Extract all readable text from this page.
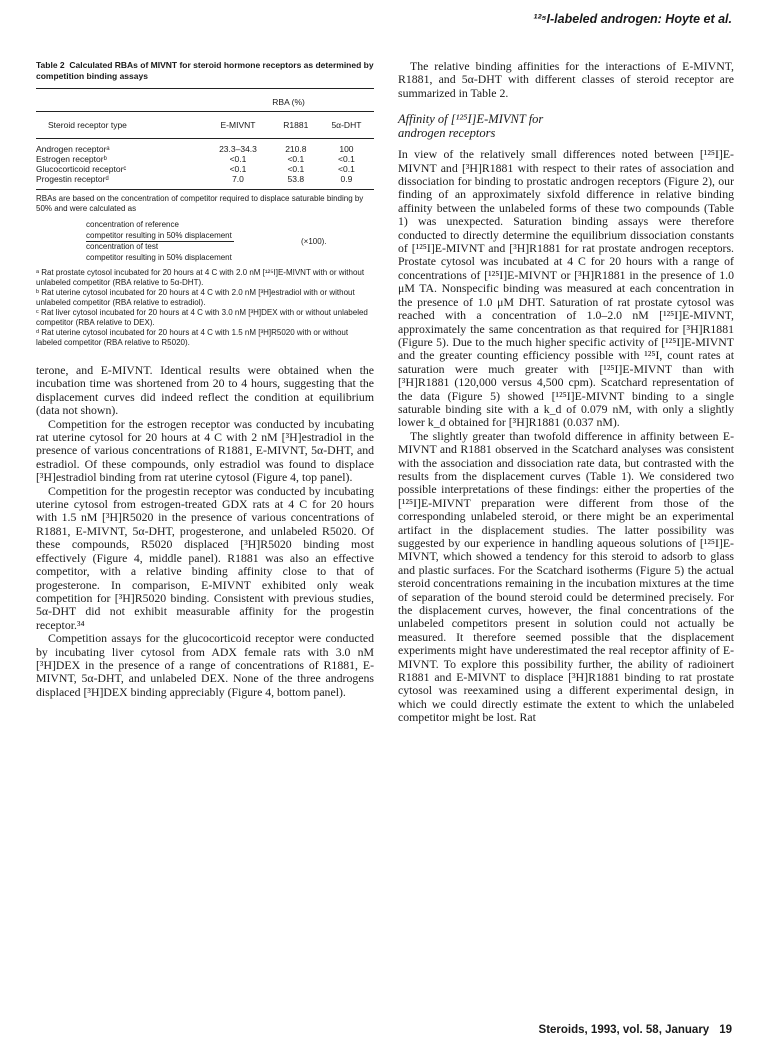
¹²⁵I-labeled androgen: Hoyte et al.
Table 2 Calculated RBAs of MIVNT for steroid hormone receptors as determined by competition binding assays
	RBA (%)		
Steroid receptor type	E-MIVNT	R1881	5α-DHT
Androgen receptorᵃ	23.3–34.3	210.8	100
Estrogen receptorᵇ	<0.1	<0.1	<0.1
Glucocorticoid receptorᶜ	<0.1	<0.1	<0.1
Progestin receptorᵈ	7.0	53.8	0.9

RBAs are based on the concentration of competitor required to displace saturable binding by 50% and were calculated as

concentration of reference
competitor resulting in 50% displacement
concentration of test
competitor resulting in 50% displacement
(×100).

ᵃ Rat prostate cytosol incubated for 20 hours at 4 C with 2.0 nM [¹²⁵I]E-MIVNT with or without unlabeled competitor (RBA relative to 5α-DHT).

ᵇ Rat uterine cytosol incubated for 20 hours at 4 C with 2.0 nM [³H]estradiol with or without unlabeled competitor (RBA relative to estradiol).

ᶜ Rat liver cytosol incubated for 20 hours at 4 C with 3.0 nM [³H]DEX with or without unlabeled competitor (RBA relative to DEX).

ᵈ Rat uterine cytosol incubated for 20 hours at 4 C with 1.5 nM [³H]R5020 with or without labeled competitor (RBA relative to R5020).

terone, and E-MIVNT. Identical results were obtained when the incubation time was shortened from 20 to 4 hours, suggesting that the displacement curves did indeed reflect the condition at equilibrium (data not shown).

Competition for the estrogen receptor was conducted by incubating rat uterine cytosol for 20 hours at 4 C with 2 nM [³H]estradiol in the presence of various concentrations of R1881, E-MIVNT, 5α-DHT, and estradiol. Of these compounds, only estradiol was found to displace [³H]estradiol binding from rat uterine cytosol (Figure 4, top panel).

Competition for the progestin receptor was conducted by incubating uterine cytosol from estrogen-treated GDX rats at 4 C for 20 hours with 1.5 nM [³H]R5020 in the presence of various concentrations of R1881, E-MIVNT, 5α-DHT, progesterone, and unlabeled R5020. Of these compounds, R5020 displaced [³H]R5020 binding most effectively (Figure 4, middle panel). R1881 was also an effective competitor, with a relative binding affinity close to that of progesterone. In comparison, E-MIVNT exhibited only weak competition for [³H]R5020 binding. Consistent with previous studies, 5α-DHT did not exhibit measurable affinity for the progestin receptor.³⁴

Competition assays for the glucocorticoid receptor were conducted by incubating liver cytosol from ADX female rats with 3.0 nM [³H]DEX in the presence of a range of concentrations of R1881, E-MIVNT, 5α-DHT, and unlabeled DEX. None of the three androgens displaced [³H]DEX binding appreciably (Figure 4, bottom panel).

The relative binding affinities for the interactions of E-MIVNT, R1881, and 5α-DHT with different classes of steroid receptor are summarized in Table 2.

Affinity of [¹²⁵I]E-MIVNT for
androgen receptors

In view of the relatively small differences noted between [¹²⁵I]E-MIVNT and [³H]R1881 with respect to their rates of association and dissociation for binding to prostatic androgen receptors (Figure 2), our finding of an approximately sixfold difference in relative binding affinity between the unlabeled forms of these two compounds (Table 1) was unexpected. Saturation binding assays were therefore conducted to directly determine the equilibrium dissociation constants of [¹²⁵I]E-MIVNT and [³H]R1881 for rat prostate androgen receptors. Prostate cytosol was incubated at 4 C for 20 hours with a range of concentrations of [¹²⁵I]E-MIVNT or [³H]R1881 in the presence of 1.0 μM TA. Nonspecific binding was measured at each concentration in the presence of 1.0 μM DHT. Saturation of rat prostate cytosol was reached with a concentration of 1.0–2.0 nM [¹²⁵I]E-MIVNT, approximately the same concentration as that required for [³H]R1881 (Figure 5). Due to the much higher specific activity of [¹²⁵I]E-MIVNT and the greater counting efficiency possible with ¹²⁵I, count rates at saturation were much greater with [¹²⁵I]E-MIVNT than with [³H]R1881 (120,000 versus 4,500 cpm). Scatchard representation of the data (Figure 5) showed [¹²⁵I]E-MIVNT binding to a single saturable binding site with a k_d of 0.079 nM, with only a slightly lower k_d obtained for [³H]R1881 (0.037 nM).

The slightly greater than twofold difference in affinity between E-MIVNT and R1881 observed in the Scatchard analyses was consistent with the association and dissociation rate data, but contrasted with the results from the displacement curves (Table 1). We considered two possible interpretations of these findings: either the properties of the [¹²⁵I]E-MIVNT preparation were different from those of the corresponding unlabeled steroid, or there might be an experimental artifact in the displacement studies. The latter possibility was suggested by our experience in handling aqueous solutions of [¹²⁵I]E-MIVNT, which showed a tendency for this steroid to adsorb to glass and plastic surfaces. For the Scatchard isotherms (Figure 5) the actual steroid concentrations remaining in the incubation mixtures at the time of separation of the bound steroid could be determined precisely. For the displacement curves, however, the final concentrations of the unlabeled competitors present in solution could not actually be measured. It therefore seemed possible that the displacement experiments might have underestimated the real receptor affinity of E-MIVNT. To explore this possibility further, the ability of radioinert R1881 and E-MIVNT to displace [³H]R1881 binding to rat prostate cytosol was reexamined using a different experimental design, in which we could directly estimate the extent to which the unlabeled competitor might be lost. Rat

Steroids, 1993, vol. 58, January 19
